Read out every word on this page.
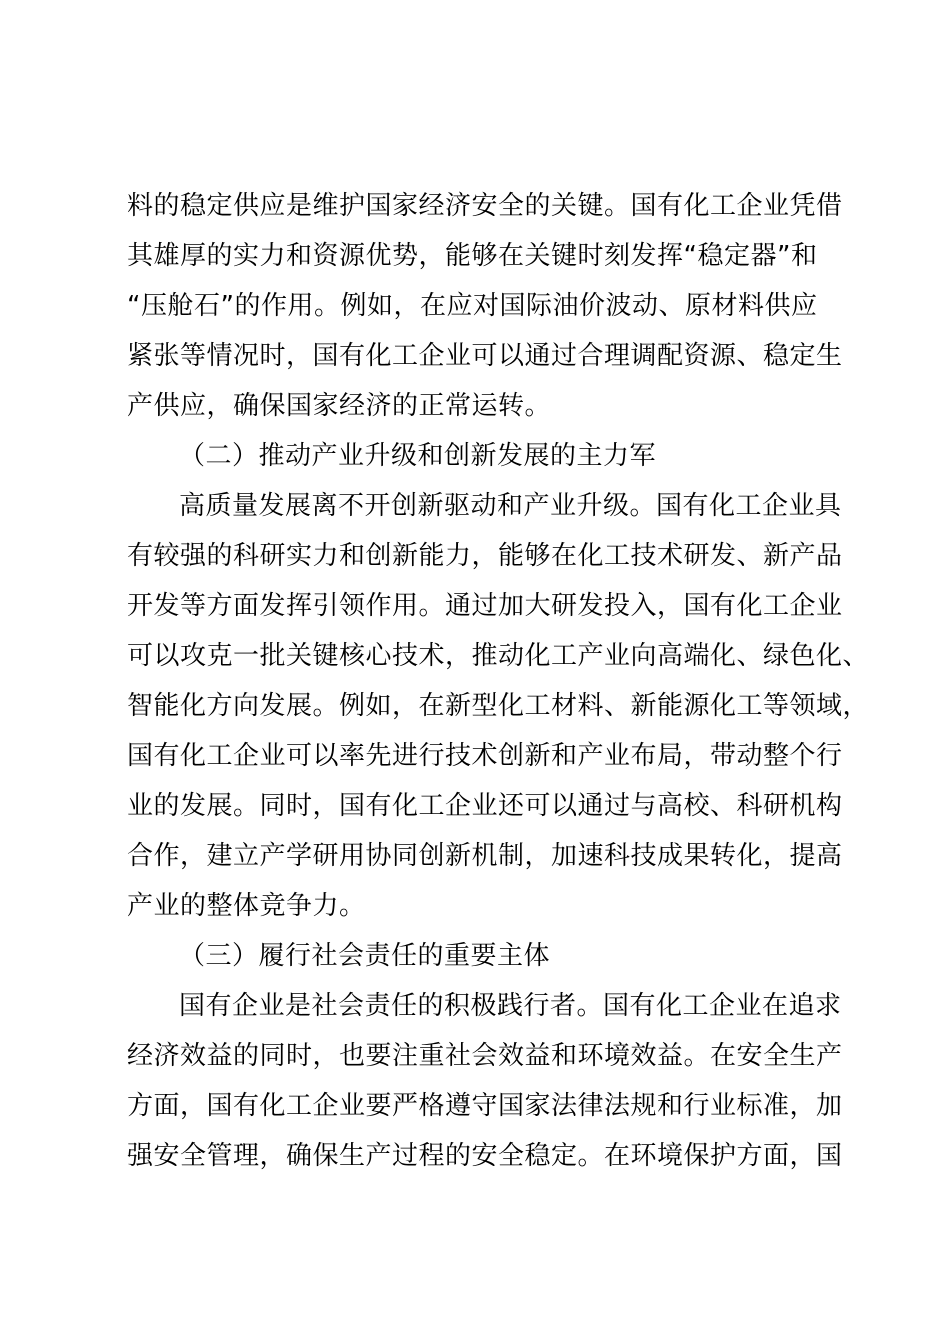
料的稳定供应是维护国家经济安全的关键。国有化工企业凭借
其雄厚的实力和资源优势，能够在关键时刻发挥“稳定器”和
“压舱石”的作用。例如，在应对国际油价波动、原材料供应
紧张等情况时，国有化工企业可以通过合理调配资源、稳定生
产供应，确保国家经济的正常运转。
（二）推动产业升级和创新发展的主力军
高质量发展离不开创新驱动和产业升级。国有化工企业具
有较强的科研实力和创新能力，能够在化工技术研发、新产品
开发等方面发挥引领作用。通过加大研发投入，国有化工企业
可以攻克一批关键核心技术，推动化工产业向高端化、绿色化、
智能化方向发展。例如，在新型化工材料、新能源化工等领域，
国有化工企业可以率先进行技术创新和产业布局，带动整个行
业的发展。同时，国有化工企业还可以通过与高校、科研机构
合作，建立产学研用协同创新机制，加速科技成果转化，提高
产业的整体竞争力。
（三）履行社会责任的重要主体
国有企业是社会责任的积极践行者。国有化工企业在追求
经济效益的同时，也要注重社会效益和环境效益。在安全生产
方面，国有化工企业要严格遵守国家法律法规和行业标准，加
强安全管理，确保生产过程的安全稳定。在环境保护方面，国
